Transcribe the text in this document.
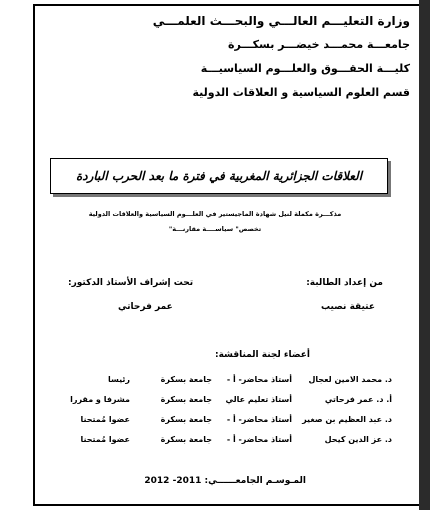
وزارة التعليـــم العالـــي والبحـــث العلمـــي
جامعـــة محمـــد خيضـــر بسكـــرة
كليـــة الحقـــوق والعلـــوم السياسيـــة
قسم العلوم السياسية و العلاقات الدولية
العلاقات الجزائرية المغربية في فترة ما بعد الحرب الباردة
مذكـــرة مكملة لنيل شهادة الماجيستير في العلـــوم السياسية والعلاقات الدولية
تخصص" سياســــة مقارنـــة"
من إعداد الطالبة:
تحت إشراف الأستاذ الدكتور:
عتيقة نصيب
عمر فرحاتي
أعضاء لجنة المناقشة:
د. محمد الامين لعجال
أستاذ محاضر- أ -
جامعة بسكرة
رئيسا
أ. د. عمر فرحاتي
أستاذ تعليم عالي
جامعة بسكرة
مشرفا و مقررا
د. عبد العظيم بن صغير
أستاذ محاضر- أ -
جامعة بسكرة
عضوا مُمتحنا
د. عز الدين كيحل
أستاذ محاضر- أ -
جامعة بسكرة
عضوا مُمتحنا
المـوسـم الجامعــــــي: 2011- 2012
